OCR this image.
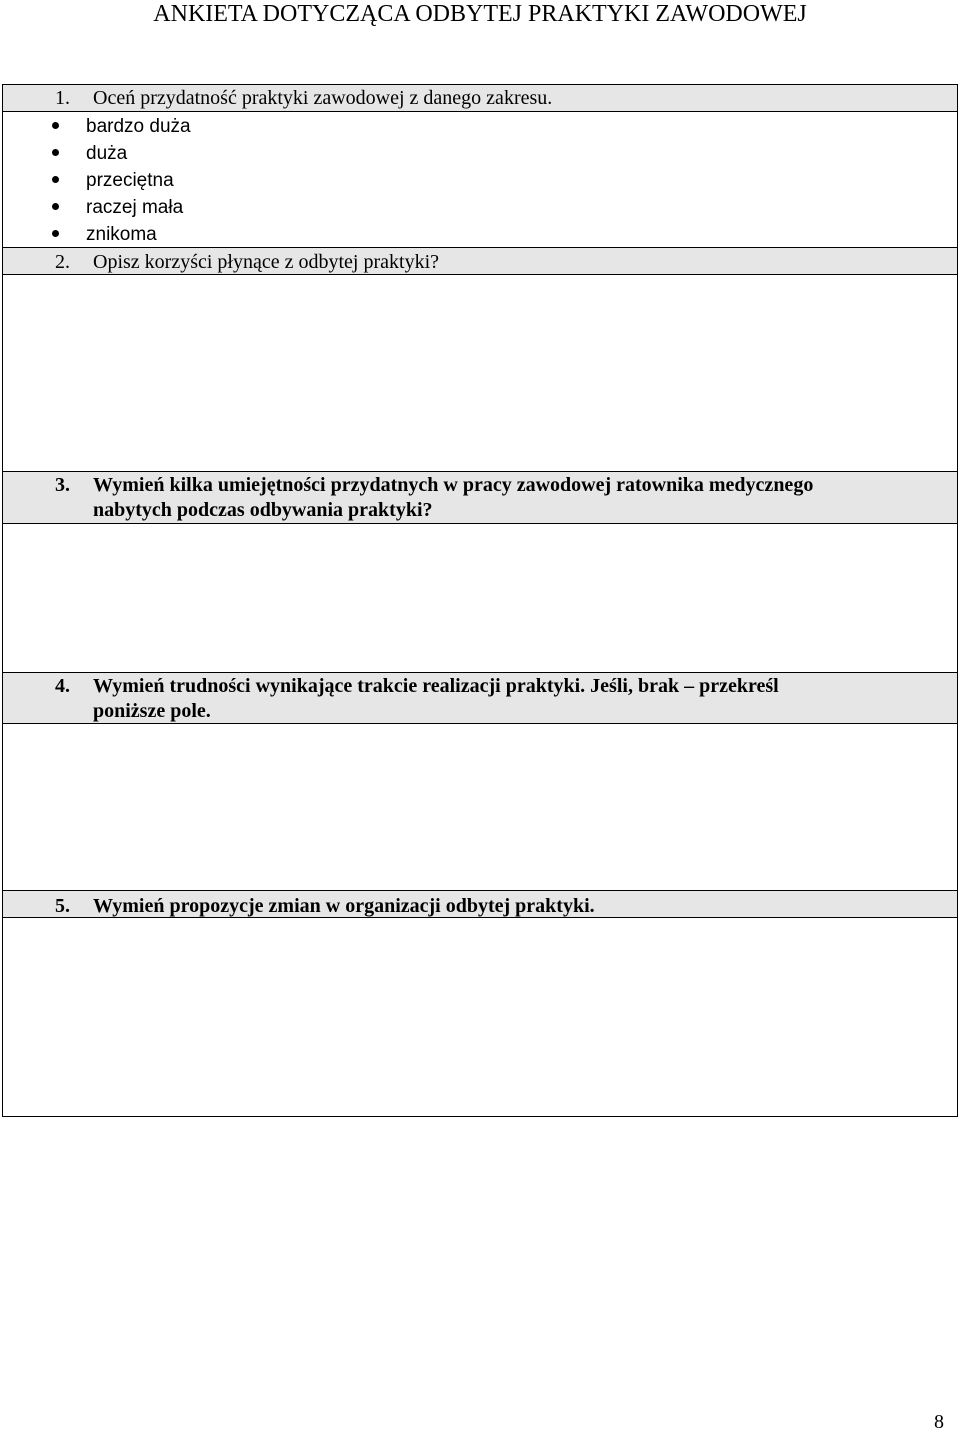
ANKIETA DOTYCZĄCA ODBYTEJ PRAKTYKI ZAWODOWEJ
1. Oceń przydatność praktyki zawodowej z danego zakresu.
bardzo duża
duża
przeciętna
raczej mała
znikoma
2. Opisz korzyści płynące z odbytej praktyki?
3. Wymień kilka umiejętności przydatnych w pracy zawodowej ratownika medycznego
nabytych podczas odbywania praktyki?
4. Wymień trudności wynikające trakcie realizacji praktyki. Jeśli, brak – przekreśl
poniższe pole.
5. Wymień propozycje zmian w organizacji odbytej praktyki.
8
